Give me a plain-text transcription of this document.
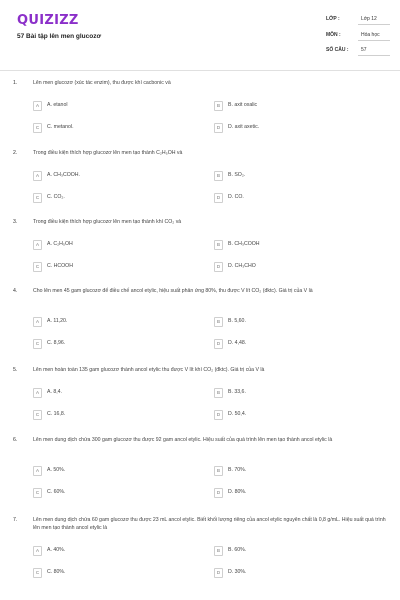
QUIZIZZ
57 Bài tập lên men glucozơ
LỚP :	Lớp 12
MÔN :	Hóa học
SỐ CÂU :	57
1.	Lên men glucozơ (xúc tác enzim), thu được khí cacbonic và
A	A. etanol	B	B. axit oxalic
C	C. metanol.	D	D. axit axetic.
2.	Trong điều kiện thích hợp glucozơ lên men tạo thành C₂H₅OH và
A	A. CH₃COOH.	B	B. SO₂.
C	C. CO₂.	D	D. CO.
3.	Trong điều kiện thích hợp glucozơ lên men tạo thành khí CO₂ và
A	A. C₂H₅OH	B	B. CH₃COOH
C	C. HCOOH	D	D. CH₃CHO
4.	Cho lên men 45 gam glucozơ để điều chế ancol etylic, hiệu suất phản ứng 80%, thu được V lít CO₂ (đktc). Giá trị của V là
A	A. 11,20.	B	B. 5,60.
C	C. 8,96.	D	D. 4,48.
5.	Lên men hoàn toàn 135 gam glucozơ thành ancol etylic thu được V lít khí CO₂ (đktc). Giá trị của V là
A	A. 8,4.	B	B. 33,6.
C	C. 16,8.	D	D. 50,4.
6.	Lên men dung dịch chứa 300 gam glucozơ thu được 92 gam ancol etylic. Hiệu suất của quá trình lên men tạo thành ancol etylic là
A	A. 50%.	B	B. 70%.
C	C. 60%.	D	D. 80%.
7.	Lên men dung dịch chứa 60 gam glucozơ thu được 23 mL ancol etylic. Biết khối lượng riêng của ancol etylic nguyên chất là 0,8 g/mL. Hiệu suất quá trình lên men tạo thành ancol etylic là
A	A. 40%.	B	B. 60%.
C	C. 80%.	D	D. 30%.
